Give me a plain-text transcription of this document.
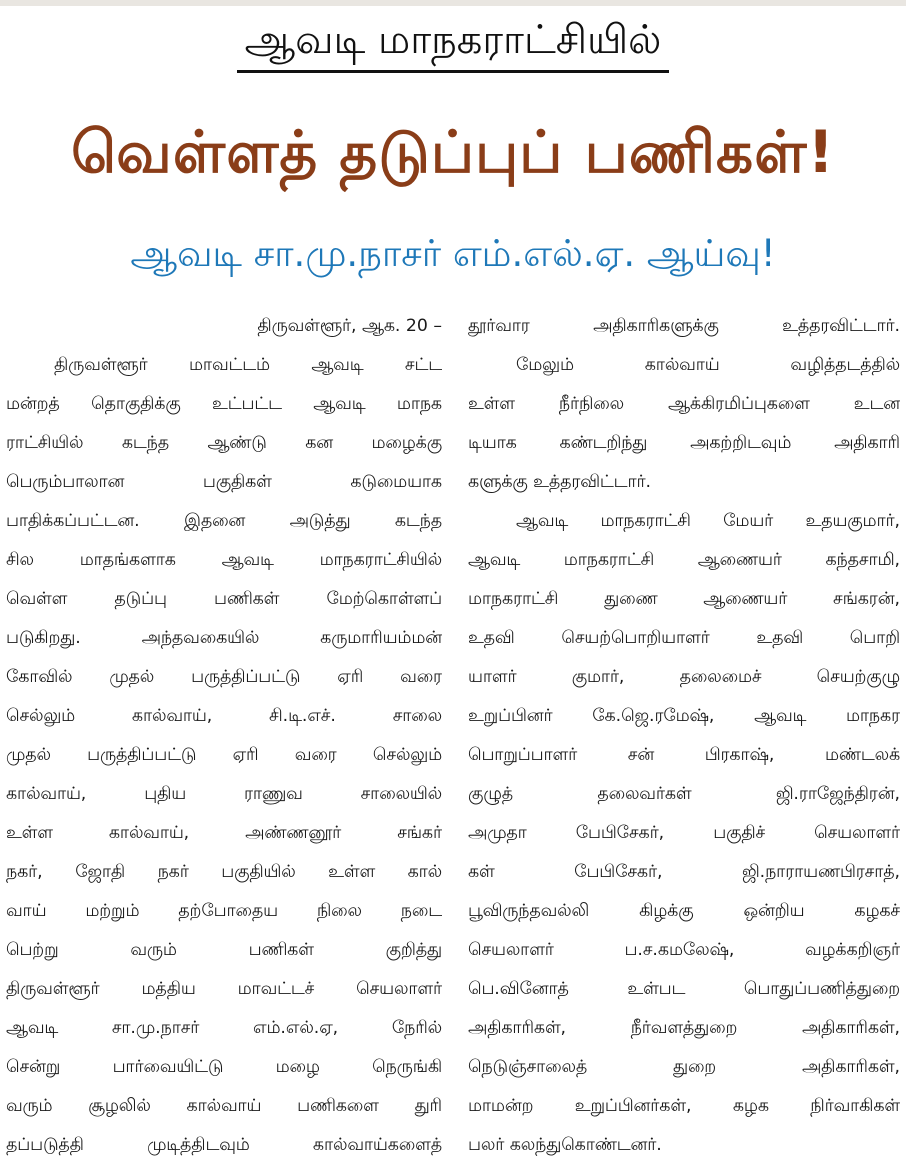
ஆவடி மாநகராட்சியில்
வெள்ளத் தடுப்புப் பணிகள்!
ஆவடி சா.மு.நாசர் எம்.எல்.ஏ. ஆய்வு!
திருவள்ளூர், ஆக. 20 –
திருவள்ளூர் மாவட்டம் ஆவடி சட்ட
மன்றத் தொகுதிக்கு உட்பட்ட ஆவடி மாநக
ராட்சியில் கடந்த ஆண்டு கன மழைக்கு
பெரும்பாலான பகுதிகள் கடுமையாக
பாதிக்கப்பட்டன. இதனை அடுத்து கடந்த
சில மாதங்களாக ஆவடி மாநகராட்சியில்
வெள்ள தடுப்பு பணிகள் மேற்கொள்ளப்
படுகிறது. அந்தவகையில் கருமாரியம்மன்
கோவில் முதல் பருத்திப்பட்டு ஏரி வரை
செல்லும் கால்வாய், சி.டி.எச். சாலை
முதல் பருத்திப்பட்டு ஏரி வரை செல்லும்
கால்வாய், புதிய ராணுவ சாலையில்
உள்ள கால்வாய், அண்ணனூர் சங்கர்
நகர், ஜோதி நகர் பகுதியில் உள்ள கால்
வாய் மற்றும் தற்போதைய நிலை நடை
பெற்று வரும் பணிகள் குறித்து
திருவள்ளூர் மத்திய மாவட்டச் செயலாளர்
ஆவடி சா.மு.நாசர் எம்.எல்.ஏ, நேரில்
சென்று பார்வையிட்டு மழை நெருங்கி
வரும் சூழலில் கால்வாய் பணிகளை துரி
தப்படுத்தி முடித்திடவும் கால்வாய்களைத்
தூர்வார அதிகாரிகளுக்கு உத்தரவிட்டார்.
மேலும் கால்வாய் வழித்தடத்தில்
உள்ள நீர்நிலை ஆக்கிரமிப்புகளை உடன
டியாக கண்டறிந்து அகற்றிடவும் அதிகாரி
களுக்கு உத்தரவிட்டார்.
ஆவடி மாநகராட்சி மேயர் உதயகுமார்,
ஆவடி மாநகராட்சி ஆணையர் கந்தசாமி,
மாநகராட்சி துணை ஆணையர் சங்கரன்,
உதவி செயற்பொறியாளர் உதவி பொறி
யாளர் குமார், தலைமைச் செயற்குழு
உறுப்பினர் கே.ஜெ.ரமேஷ், ஆவடி மாநகர
பொறுப்பாளர் சன் பிரகாஷ், மண்டலக்
குழுத் தலைவர்கள் ஜி.ராஜேந்திரன்,
அமுதா பேபிசேகர், பகுதிச் செயலாளர்
கள் பேபிசேகர், ஜி.நாராயணபிரசாத்,
பூவிருந்தவல்லி கிழக்கு ஒன்றிய கழகச்
செயலாளர் ப.ச.கமலேஷ், வழக்கறிஞர்
பெ.வினோத் உள்பட பொதுப்பணித்துறை
அதிகாரிகள், நீர்வளத்துறை அதிகாரிகள்,
நெடுஞ்சாலைத் துறை அதிகாரிகள்,
மாமன்ற உறுப்பினர்கள், கழக நிர்வாகிகள்
பலர் கலந்துகொண்டனர்.
